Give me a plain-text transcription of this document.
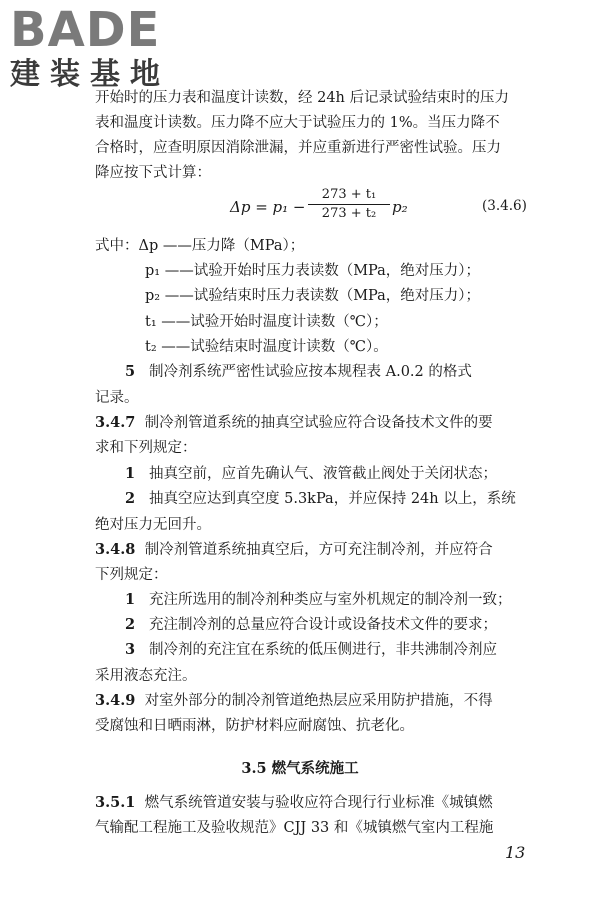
BADE
建装基地
开始时的压力表和温度计读数，经 24h 后记录试验结束时的压力
表和温度计读数。压力降不应大于试验压力的 1%。当压力降不
合格时，应查明原因消除泄漏，并应重新进行严密性试验。压力
降应按下式计算：
Δp = p₁ −
273 + t₁
273 + t₂	p₂	(3.4.6)
式中：Δp ——压力降（MPa）；
p₁ ——试验开始时压力表读数（MPa，绝对压力）；
p₂ ——试验结束时压力表读数（MPa，绝对压力）；
t₁ ——试验开始时温度计读数（℃）；
t₂ ——试验结束时温度计读数（℃）。
5 制冷剂系统严密性试验应按本规程表 A.0.2 的格式
记录。
3.4.7 制冷剂管道系统的抽真空试验应符合设备技术文件的要
求和下列规定：
1 抽真空前，应首先确认气、液管截止阀处于关闭状态；
2 抽真空应达到真空度 5.3kPa，并应保持 24h 以上，系统
绝对压力无回升。
3.4.8 制冷剂管道系统抽真空后，方可充注制冷剂，并应符合
下列规定：
1 充注所选用的制冷剂种类应与室外机规定的制冷剂一致；
2 充注制冷剂的总量应符合设计或设备技术文件的要求；
3 制冷剂的充注宜在系统的低压侧进行，非共沸制冷剂应
采用液态充注。
3.4.9 对室外部分的制冷剂管道绝热层应采用防护措施，不得
受腐蚀和日晒雨淋，防护材料应耐腐蚀、抗老化。
3.5 燃气系统施工
3.5.1 燃气系统管道安装与验收应符合现行行业标准《城镇燃
气输配工程施工及验收规范》CJJ 33 和《城镇燃气室内工程施
13
